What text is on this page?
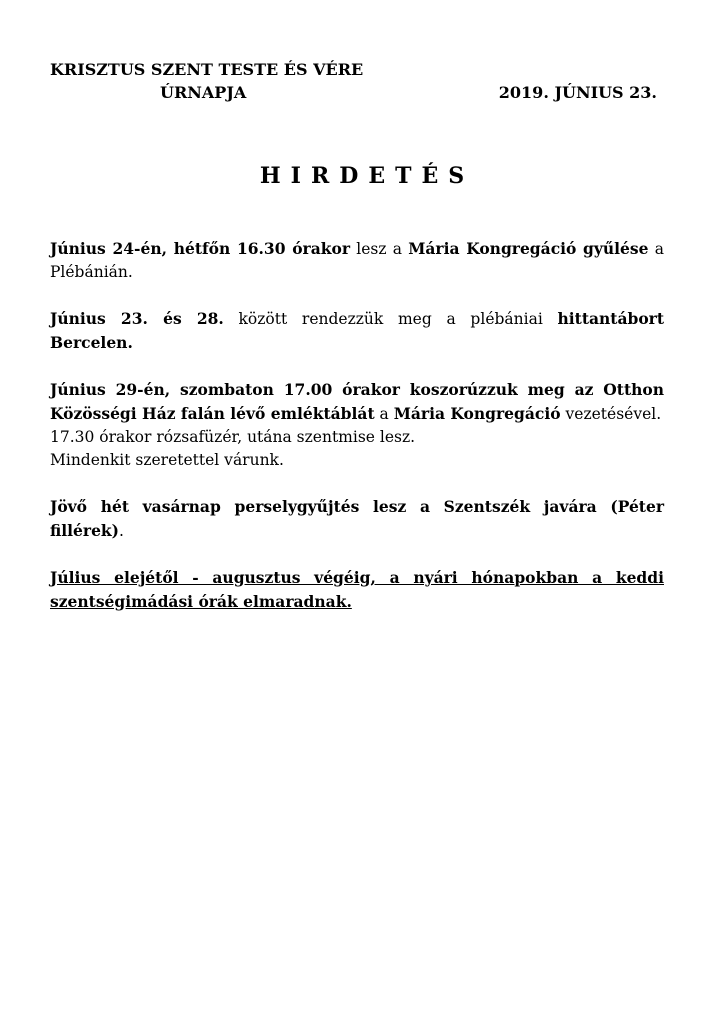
KRISZTUS SZENT TESTE ÉS VÉRE
ÚRNAPJA	2019. JÚNIUS 23.
HIRDETÉS

Június 24-én, hétfőn 16.30 órakor lesz a Mária Kongregáció gyűlése a Plébánián.

Június 23. és 28. között rendezzük meg a plébániai hittantábort Bercelen.

Június 29-én, szombaton 17.00 órakor koszorúzzuk meg az Otthon Közösségi Ház falán lévő emléktáblát a Mária Kongregáció vezetésével.
17.30 órakor rózsafüzér, utána szentmise lesz.
Mindenkit szeretettel várunk.

Jövő hét vasárnap perselygyűjtés lesz a Szentszék javára (Péter fillérek).

Július elejétől - augusztus végéig, a nyári hónapokban a keddi szentségimádási órák elmaradnak.
